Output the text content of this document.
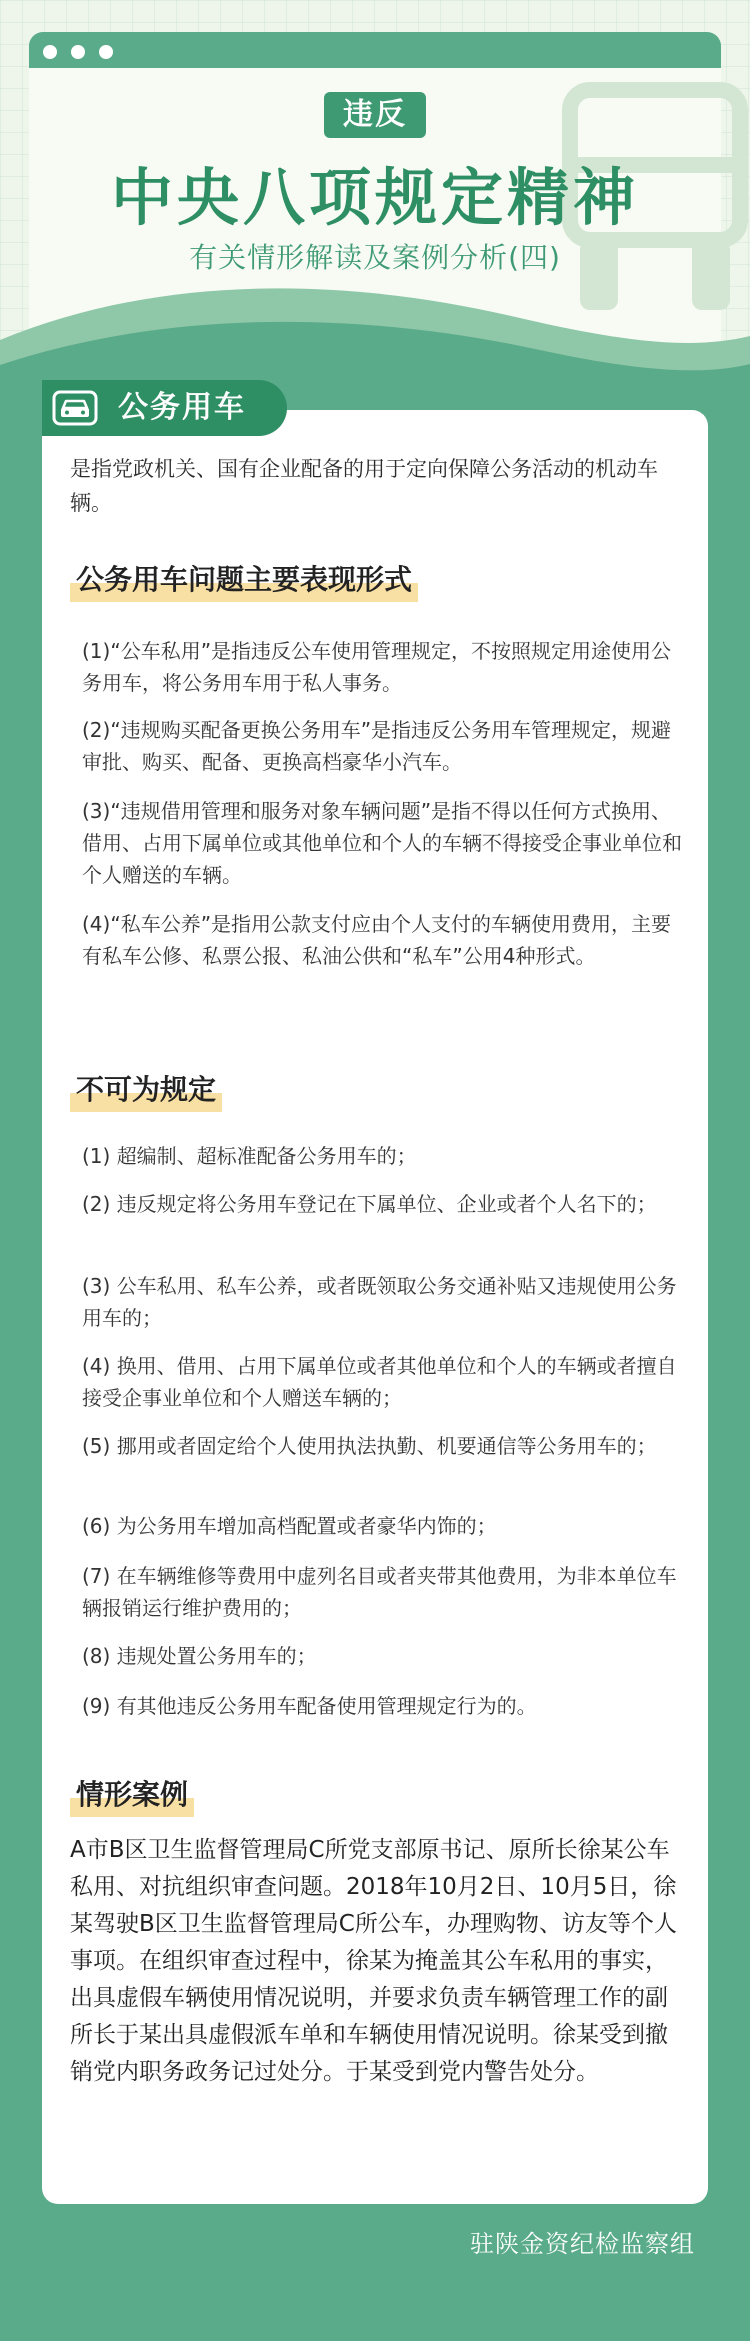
违反
中央八项规定精神
有关情形解读及案例分析(四)
公务用车
是指党政机关、国有企业配备的用于定向保障公务活动的机动车辆。
公务用车问题主要表现形式
(1)“公车私用”是指违反公车使用管理规定，不按照规定用途使用公务用车，将公务用车用于私人事务。
(2)“违规购买配备更换公务用车”是指违反公务用车管理规定，规避审批、购买、配备、更换高档豪华小汽车。
(3)“违规借用管理和服务对象车辆问题”是指不得以任何方式换用、借用、占用下属单位或其他单位和个人的车辆不得接受企事业单位和个人赠送的车辆。
(4)“私车公养”是指用公款支付应由个人支付的车辆使用费用，主要有私车公修、私票公报、私油公供和“私车”公用4种形式。
不可为规定
(1) 超编制、超标准配备公务用车的；
(2) 违反规定将公务用车登记在下属单位、企业或者个人名下的；
(3) 公车私用、私车公养，或者既领取公务交通补贴又违规使用公务用车的；
(4) 换用、借用、占用下属单位或者其他单位和个人的车辆或者擅自接受企事业单位和个人赠送车辆的；
(5) 挪用或者固定给个人使用执法执勤、机要通信等公务用车的；
(6) 为公务用车增加高档配置或者豪华内饰的；
(7) 在车辆维修等费用中虚列名目或者夹带其他费用，为非本单位车辆报销运行维护费用的；
(8) 违规处置公务用车的；
(9) 有其他违反公务用车配备使用管理规定行为的。
情形案例
A市B区卫生监督管理局C所党支部原书记、原所长徐某公车私用、对抗组织审查问题。2018年10月2日、10月5日，徐某驾驶B区卫生监督管理局C所公车，办理购物、访友等个人事项。在组织审查过程中，徐某为掩盖其公车私用的事实，出具虚假车辆使用情况说明，并要求负责车辆管理工作的副所长于某出具虚假派车单和车辆使用情况说明。徐某受到撤销党内职务政务记过处分。于某受到党内警告处分。
驻陕金资纪检监察组
